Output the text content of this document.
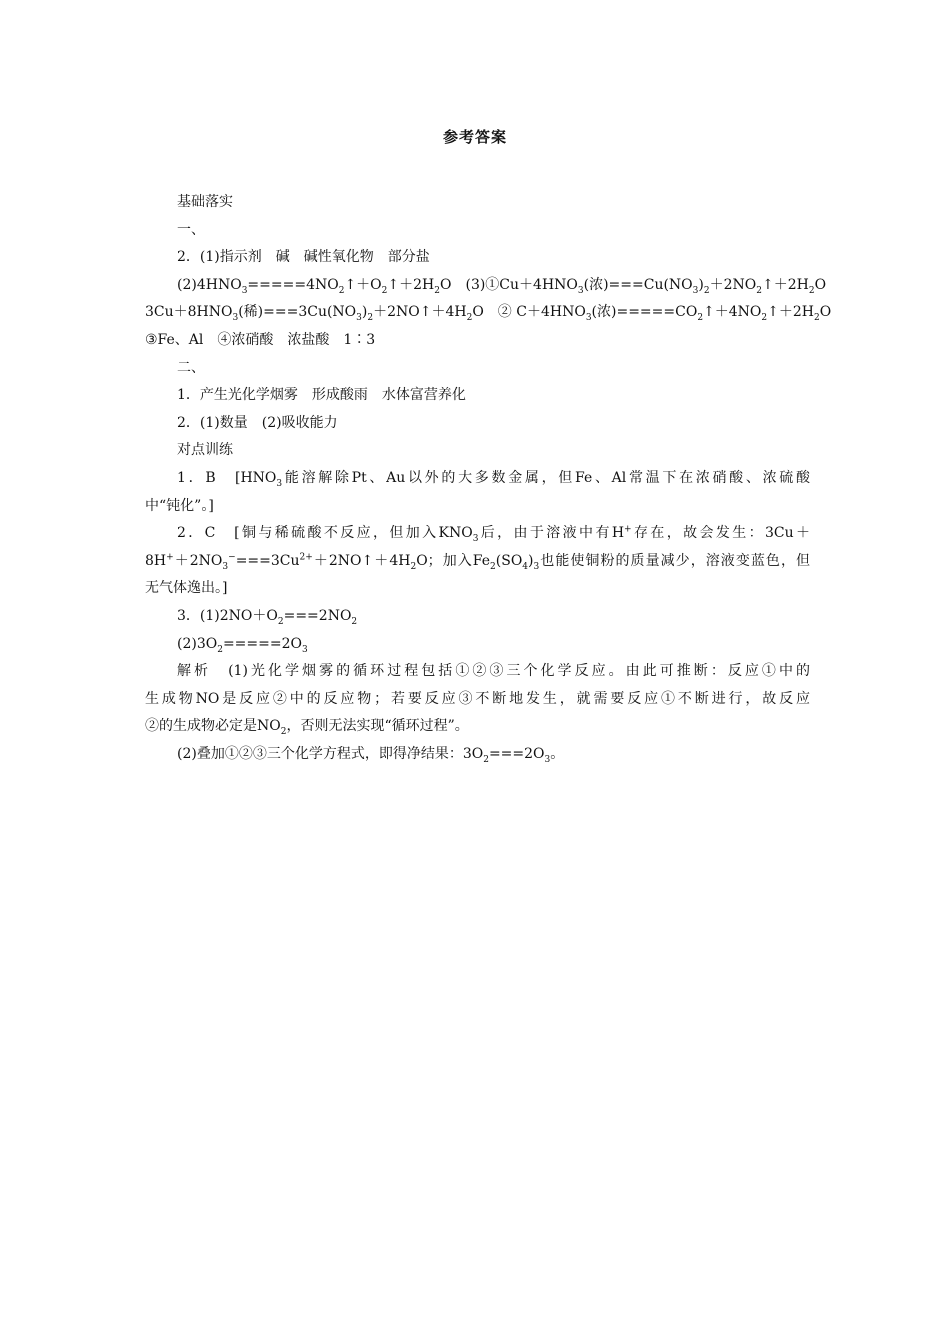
参考答案
基础落实
一、
2．(1)指示剂　碱　碱性氧化物　部分盐
$(2)4HNO_3=====4NO_2↑+O_2↑+2H_2O$　$(3)①Cu+4HNO_3$(浓)$===Cu(NO_3)_2+2NO_2↑+2H_2O$
$3Cu+8HNO_3$(稀)$===3Cu(NO_3)_2+2NO↑+4H_2O$　② $C+4HNO_3$(浓)$=====CO_2↑+4NO_2↑+2H_2O$
③Fe、Al　④浓硝酸　浓盐酸　1∶3
二、
1．产生光化学烟雾　形成酸雨　水体富营养化
2．(1)数量　(2)吸收能力
对点训练
1．B　[$HNO_3$能溶解除Pt、Au以外的大多数金属，但Fe、Al常温下在浓硝酸、浓硫酸
中“钝化”。]
2．C　[铜与稀硫酸不反应，但加入$KNO_3$后，由于溶液中有H+存在，故会发生：3Cu＋
$8H^++2NO_3^-===3Cu^{2+}+2NO↑+4H_2O$；加入$Fe_2(SO_4)_3$也能使铜粉的质量减少，溶液变蓝色，但
无气体逸出。]
3．$(1)2NO+O_2===2NO_2$
$(2)3O_2=====2O_3$
解析　(1)光化学烟雾的循环过程包括①②③三个化学反应。由此可推断：反应①中的
生成物NO是反应②中的反应物；若要反应③不断地发生，就需要反应①不断进行，故反应
②的生成物必定是$NO_2$，否则无法实现“循环过程”。
(2)叠加①②③三个化学方程式，即得净结果：$3O_2===2O_3$。
